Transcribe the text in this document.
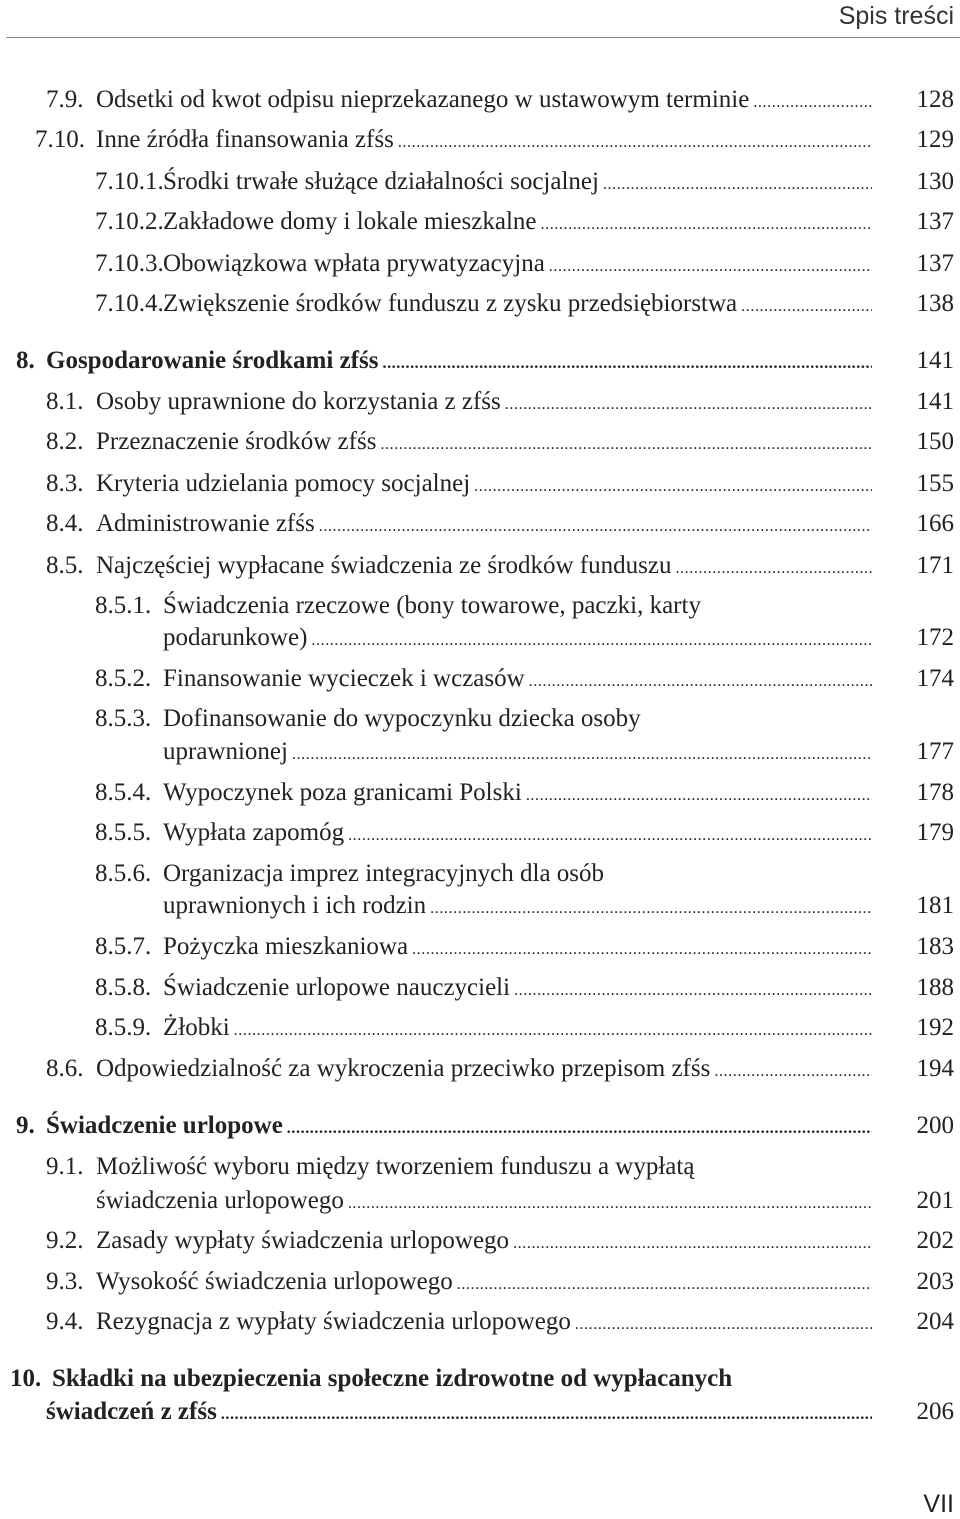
Spis treści
7.9. Odsetki od kwot odpisu nieprzekazanego w ustawowym terminie .....	128
7.10. Inne źródła finansowania zfśs .....	129
7.10.1. Środki trwałe służące działalności socjalnej .....	130
7.10.2. Zakładowe domy i lokale mieszkalne .....	137
7.10.3. Obowiązkowa wpłata prywatyzacyjna .....	137
7.10.4. Zwiększenie środków funduszu z zysku przedsiębiorstwa .....	138
8. Gospodarowanie środkami zfśs .....	141
8.1. Osoby uprawnione do korzystania z zfśs .....	141
8.2. Przeznaczenie środków zfśs .....	150
8.3. Kryteria udzielania pomocy socjalnej .....	155
8.4. Administrowanie zfśs .....	166
8.5. Najczęściej wypłacane świadczenia ze środków funduszu .....	171
8.5.1. Świadczenia rzeczowe (bony towarowe, paczki, karty
podarunkowe) .....	172
8.5.2. Finansowanie wycieczek i wczasów .....	174
8.5.3. Dofinansowanie do wypoczynku dziecka osoby
uprawnionej .....	177
8.5.4. Wypoczynek poza granicami Polski .....	178
8.5.5. Wypłata zapomóg .....	179
8.5.6. Organizacja imprez integracyjnych dla osób
uprawnionych i ich rodzin .....	181
8.5.7. Pożyczka mieszkaniowa .....	183
8.5.8. Świadczenie urlopowe nauczycieli .....	188
8.5.9. Żłobki .....	192
8.6. Odpowiedzialność za wykroczenia przeciwko przepisom zfśs .....	194
9. Świadczenie urlopowe .....	200
9.1. Możliwość wyboru między tworzeniem funduszu a wypłatą
świadczenia urlopowego .....	201
9.2. Zasady wypłaty świadczenia urlopowego .....	202
9.3. Wysokość świadczenia urlopowego .....	203
9.4. Rezygnacja z wypłaty świadczenia urlopowego .....	204
10. Składki na ubezpieczenia społeczne izdrowotne od wypłacanych
świadczeń z zfśs .....	206
VII
